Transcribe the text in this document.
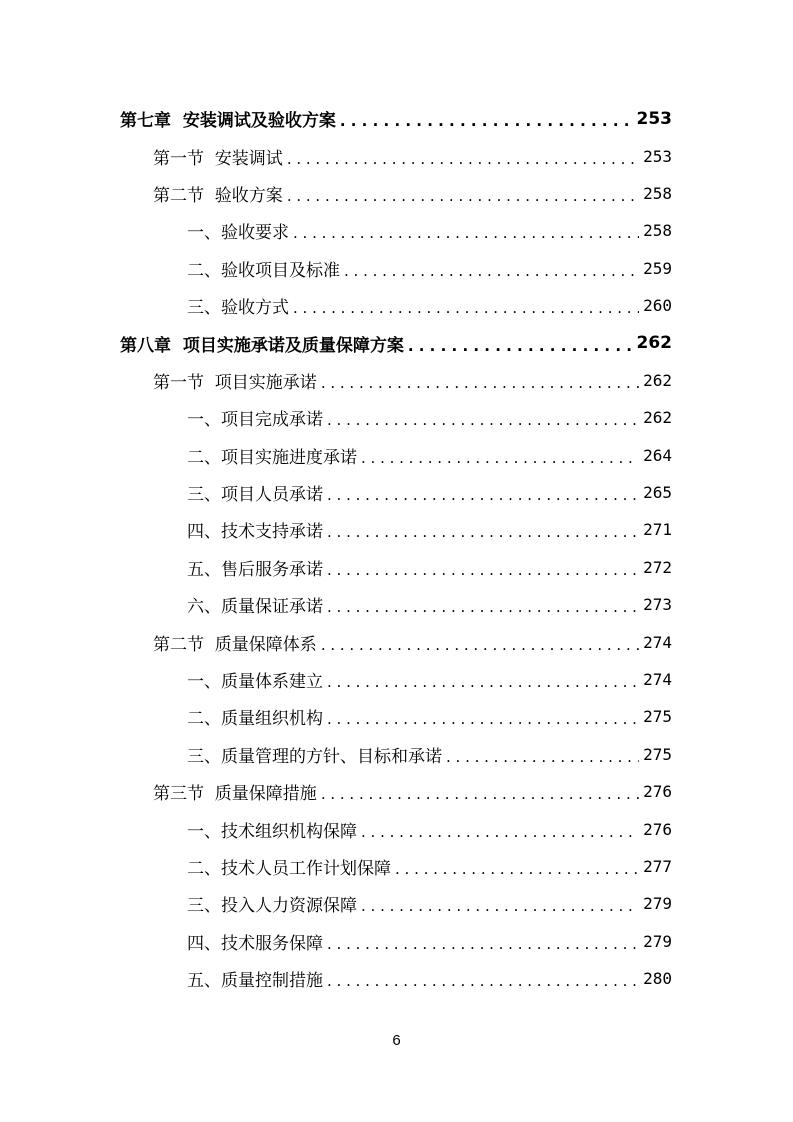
第七章  安装调试及验收方案 . . .	253
第一节  安装调试 . . .	253
第二节  验收方案 . . .	258
一、验收要求 . . .	258
二、验收项目及标准 . . .	259
三、验收方式 . . .	260
第八章  项目实施承诺及质量保障方案 . . .	262
第一节  项目实施承诺 . . .	262
一、项目完成承诺 . . .	262
二、项目实施进度承诺 . . .	264
三、项目人员承诺 . . .	265
四、技术支持承诺 . . .	271
五、售后服务承诺 . . .	272
六、质量保证承诺 . . .	273
第二节  质量保障体系 . . .	274
一、质量体系建立 . . .	274
二、质量组织机构 . . .	275
三、质量管理的方针、目标和承诺 . . .	275
第三节  质量保障措施 . . .	276
一、技术组织机构保障 . . .	276
二、技术人员工作计划保障 . . .	277
三、投入人力资源保障 . . .	279
四、技术服务保障 . . .	279
五、质量控制措施 . . .	280
6
